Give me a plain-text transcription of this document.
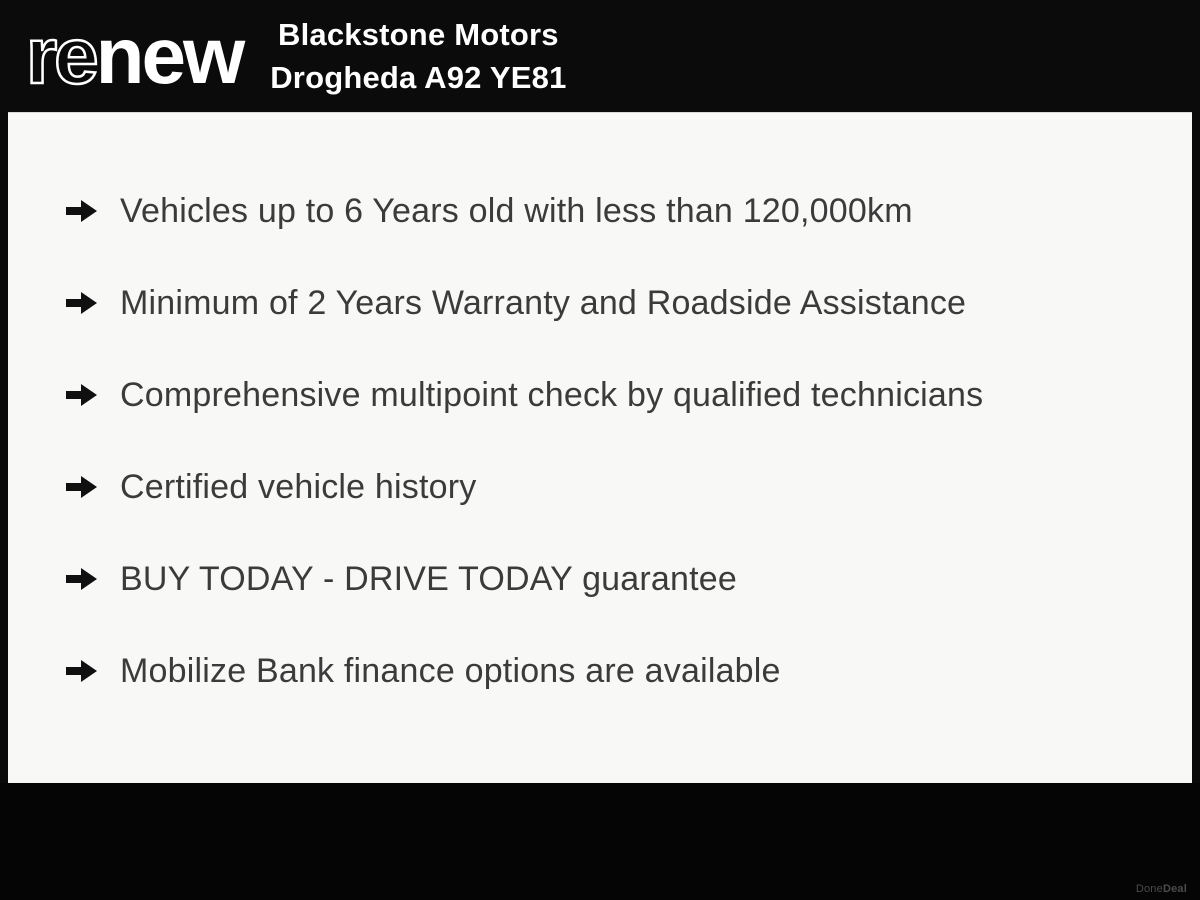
renew Blackstone Motors
Drogheda A92 YE81
Vehicles up to 6 Years old with less than 120,000km
Minimum of 2 Years Warranty and Roadside Assistance
Comprehensive multipoint check by qualified technicians
Certified vehicle history
BUY TODAY - DRIVE TODAY guarantee
Mobilize Bank finance options are available
DoneDeal
